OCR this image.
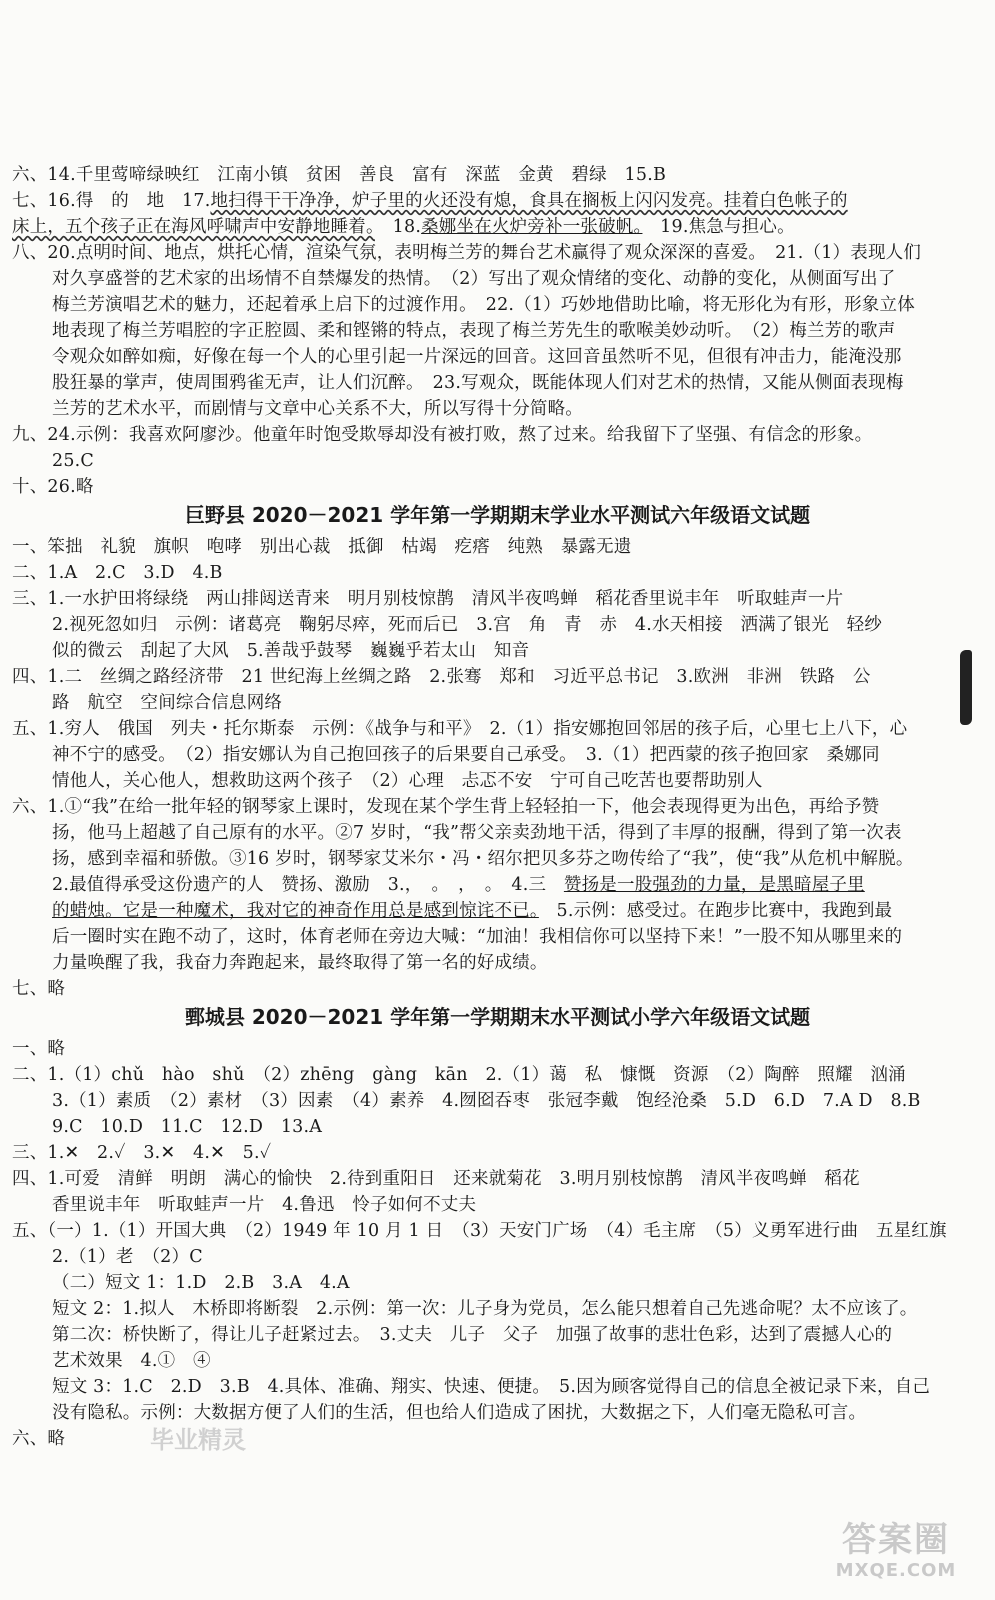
六、14.千里莺啼绿映红　江南小镇　贫困　善良　富有　深蓝　金黄　碧绿　15.B
七、16.得　的　地　17.地扫得干干净净，炉子里的火还没有熄，食具在搁板上闪闪发亮。挂着白色帐子的
床上，五个孩子正在海风呼啸声中安静地睡着。　18.桑娜坐在火炉旁补一张破帆。　19.焦急与担心。
八、20.点明时间、地点，烘托心情，渲染气氛，表明梅兰芳的舞台艺术赢得了观众深深的喜爱。　21.（1）表现人们
对久享盛誉的艺术家的出场情不自禁爆发的热情。　（2）写出了观众情绪的变化、动静的变化，从侧面写出了
梅兰芳演唱艺术的魅力，还起着承上启下的过渡作用。　22.（1）巧妙地借助比喻，将无形化为有形，形象立体
地表现了梅兰芳唱腔的字正腔圆、柔和铿锵的特点，表现了梅兰芳先生的歌喉美妙动听。　（2）梅兰芳的歌声
令观众如醉如痴，好像在每一个人的心里引起一片深远的回音。这回音虽然听不见，但很有冲击力，能淹没那
股狂暴的掌声，使周围鸦雀无声，让人们沉醉。　23.写观众，既能体现人们对艺术的热情，又能从侧面表现梅
兰芳的艺术水平，而剧情与文章中心关系不大，所以写得十分简略。
九、24.示例：我喜欢阿廖沙。他童年时饱受欺辱却没有被打败，熬了过来。给我留下了坚强、有信念的形象。
25.C
十、26.略
巨野县 2020－2021 学年第一学期期末学业水平测试六年级语文试题
一、笨拙　礼貌　旗帜　咆哮　别出心裁　抵御　枯竭　疙瘩　纯熟　暴露无遗
二、1.A　2.C　3.D　4.B
三、1.一水护田将绿绕　两山排闼送青来　明月别枝惊鹊　清风半夜鸣蝉　稻花香里说丰年　听取蛙声一片
2.视死忽如归　示例：诸葛亮　鞠躬尽瘁，死而后已　3.宫　角　青　赤　4.水天相接　洒满了银光　轻纱
似的微云　刮起了大风　5.善哉乎鼓琴　巍巍乎若太山　知音
四、1.二　丝绸之路经济带　21 世纪海上丝绸之路　2.张骞　郑和　习近平总书记　3.欧洲　非洲　铁路　公
路　航空　空间综合信息网络
五、1.穷人　俄国　列夫・托尔斯泰　示例：《战争与和平》　2.（1）指安娜抱回邻居的孩子后，心里七上八下，心
神不宁的感受。　（2）指安娜认为自己抱回孩子的后果要自己承受。　3.（1）把西蒙的孩子抱回家　桑娜同
情他人，关心他人，想救助这两个孩子　（2）心理　忐忑不安　宁可自己吃苦也要帮助别人
六、1.①“我”在给一批年轻的钢琴家上课时，发现在某个学生背上轻轻拍一下，他会表现得更为出色，再给予赞
扬，他马上超越了自己原有的水平。②7 岁时，“我”帮父亲卖劲地干活，得到了丰厚的报酬，得到了第一次表
扬，感到幸福和骄傲。③16 岁时，钢琴家艾米尔・冯・绍尔把贝多芬之吻传给了“我”，使“我”从危机中解脱。
2.最值得承受这份遗产的人　赞扬、激励　3.，　。　，　。　4.三　赞扬是一股强劲的力量，是黑暗屋子里
的蜡烛。它是一种魔术，我对它的神奇作用总是感到惊诧不已。　5.示例：感受过。在跑步比赛中，我跑到最
后一圈时实在跑不动了，这时，体育老师在旁边大喊：“加油！我相信你可以坚持下来！”一股不知从哪里来的
力量唤醒了我，我奋力奔跑起来，最终取得了第一名的好成绩。
七、略
鄄城县 2020－2021 学年第一学期期末水平测试小学六年级语文试题
一、略
二、1.（1）chǔ　hào　shǔ　（2）zhēng　gàng　kān　2.（1）蔼　私　慷慨　资源　（2）陶醉　照耀　汹涌
3.（1）素质　（2）素材　（3）因素　（4）素养　4.囫囵吞枣　张冠李戴　饱经沧桑　5.D　6.D　7.A D　8.B
9.C　10.D　11.C　12.D　13.A
三、1.✕　2.✓　3.✕　4.✕　5.✓
四、1.可爱　清鲜　明朗　满心的愉快　2.待到重阳日　还来就菊花　3.明月别枝惊鹊　清风半夜鸣蝉　稻花
香里说丰年　听取蛙声一片　4.鲁迅　怜子如何不丈夫
五、（一）1.（1）开国大典　（2）1949 年 10 月 1 日　（3）天安门广场　（4）毛主席　（5）义勇军进行曲　五星红旗
2.（1）老　（2）C
（二）短文 1：1.D　2.B　3.A　4.A
短文 2：1.拟人　木桥即将断裂　2.示例：第一次：儿子身为党员，怎么能只想着自己先逃命呢？太不应该了。
第二次：桥快断了，得让儿子赶紧过去。　3.丈夫　儿子　父子　加强了故事的悲壮色彩，达到了震撼人心的
艺术效果　4.①　④
短文 3：1.C　2.D　3.B　4.具体、准确、翔实、快速、便捷。　5.因为顾客觉得自己的信息全被记录下来，自己
没有隐私。示例：大数据方便了人们的生活，但也给人们造成了困扰，大数据之下，人们毫无隐私可言。
六、略	毕业精灵
答案圈
MXQE.COM
